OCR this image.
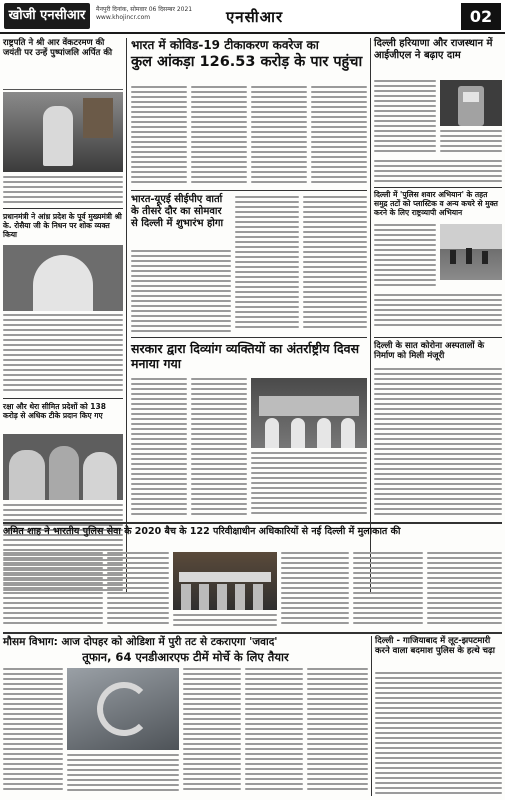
खोजी एनसीआर	मैनपुरी दिनांक, सोमवार 06 दिसम्बर 2021
www.khojincr.com	एनसीआर	02
राष्ट्रपति ने श्री आर वेंकटरमण की जयंती पर उन्हें पुष्पांजलि अर्पित की
प्रधानमंत्री ने आंध्र प्रदेश के पूर्व मुख्यमंत्री श्री के. रोसैया जी के निधन पर शोक व्यक्त किया
रक्षा और थेरा सीमित प्रदेशों को 138 करोड़ से अधिक टीके प्रदान किए गए
भारत में कोविड-19 टीकाकरण कवरेज का
कुल आंकड़ा 126.53 करोड़ के पार पहुंचा
भारत-यूएई सीईपीए वार्ता के तीसरे दौर का सोमवार से दिल्ली में शुभारंभ होगा
सरकार द्वारा दिव्यांग व्यक्तियों का अंतर्राष्ट्रीय दिवस मनाया गया
दिल्ली हरियाणा और राजस्थान में आईजीएल ने बढ़ाए दाम
दिल्ली में 'पुलिस शवार अभियान' के तहत समुद्र तटों को प्लास्टिक व अन्य कचरे से मुक्त करने के लिए राष्ट्रव्यापी अभियान
दिल्ली के सात कोरोना अस्पतालों के निर्माण को मिली मंजूरी
अमित शाह ने भारतीय पुलिस सेवा के 2020 बैच के 122 परिवीक्षाधीन अधिकारियों से नई दिल्ली में मुलाकात की
मौसम विभाग: आज दोपहर को ओडिशा में पुरी तट से टकराएगा 'जवाद'
तूफान, 64 एनडीआरएफ टीमें मोर्चे के लिए तैयार
दिल्ली - गाजियाबाद में लूट-झपटमारी करने वाला बदमाश पुलिस के हत्थे चढ़ा
